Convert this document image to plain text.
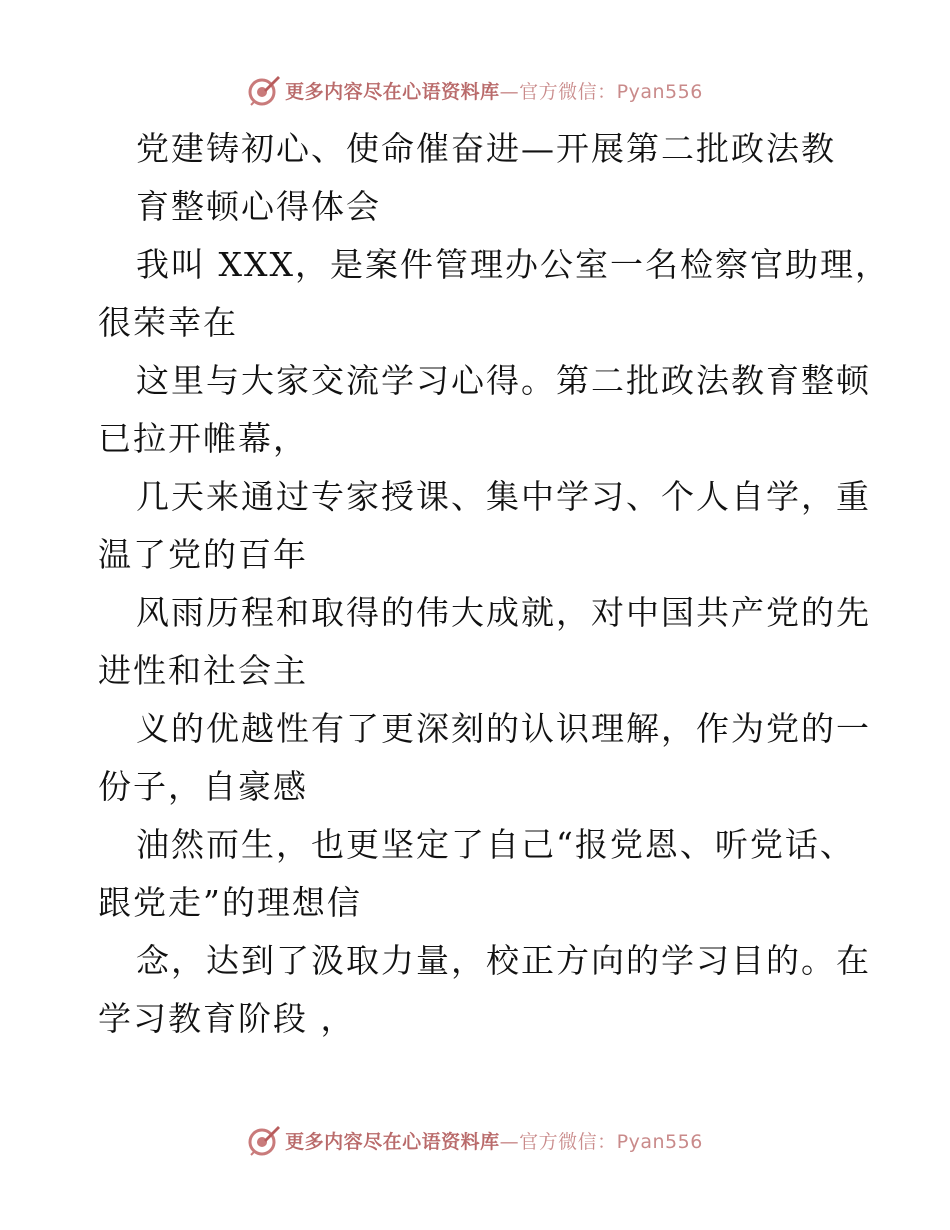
更多内容尽在心语资料库—官方微信：Pyan556
党建铸初心、使命催奋进—开展第二批政法教
育整顿心得体会
我叫 XXX，是案件管理办公室一名检察官助理，
很荣幸在
这里与大家交流学习心得。第二批政法教育整顿
已拉开帷幕，
几天来通过专家授课、集中学习、个人自学，重
温了党的百年
风雨历程和取得的伟大成就，对中国共产党的先
进性和社会主
义的优越性有了更深刻的认识理解，作为党的一
份子，自豪感
油然而生，也更坚定了自己“报党恩、听党话、
跟党走”的理想信
念，达到了汲取力量，校正方向的学习目的。在
学习教育阶段 ，
更多内容尽在心语资料库—官方微信：Pyan556
